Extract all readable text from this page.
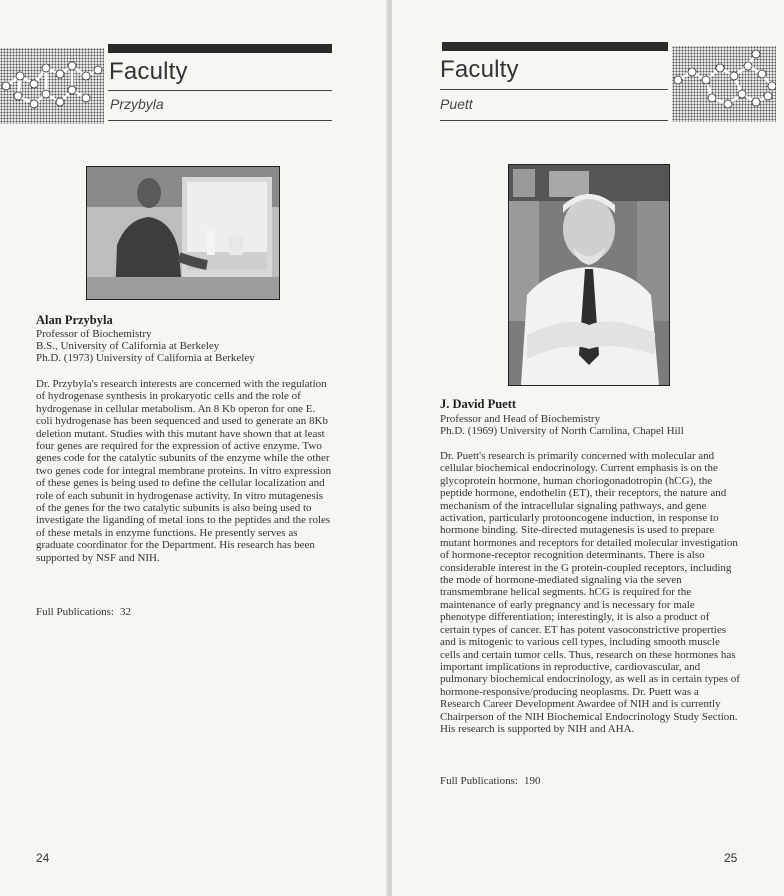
Faculty
Przybyla
Alan Przybyla
Professor of Biochemistry
B.S., University of California at Berkeley
Ph.D. (1973) University of California at Berkeley

Dr. Przybyla's research interests are concerned with the regulation of hydrogenase synthesis in prokaryotic cells and the role of hydrogenase in cellular metabolism. An 8 Kb operon for one E. coli hydrogenase has been sequenced and used to generate an 8Kb deletion mutant. Studies with this mutant have shown that at least four genes are required for the expression of active enzyme. Two genes code for the catalytic subunits of the enzyme while the other two genes code for integral membrane proteins. In vitro expression of these genes is being used to define the cellular localization and role of each subunit in hydrogenase activity. In vitro mutagenesis of the genes for the two catalytic subunits is also being used to investigate the liganding of metal ions to the peptides and the roles of these metals in enzyme functions. He presently serves as graduate coordinator for the Department. His research has been supported by NSF and NIH.

Full Publications: 32
24
Faculty
Puett
J. David Puett
Professor and Head of Biochemistry
Ph.D. (1969) University of North Carolina, Chapel Hill

Dr. Puett's research is primarily concerned with molecular and cellular biochemical endocrinology. Current emphasis is on the glycoprotein hormone, human choriogonadotropin (hCG), the peptide hormone, endothelin (ET), their receptors, the nature and mechanism of the intracellular signaling pathways, and gene activation, particularly protooncogene induction, in response to hormone binding. Site-directed mutagenesis is used to prepare mutant hormones and receptors for detailed molecular investigation of hormone-receptor recognition determinants. There is also considerable interest in the G protein-coupled receptors, including the mode of hormone-mediated signaling via the seven transmembrane helical segments. hCG is required for the maintenance of early pregnancy and is necessary for male phenotype differentiation; interestingly, it is also a product of certain types of cancer. ET has potent vasoconstrictive properties and is mitogenic to various cell types, including smooth muscle cells and certain tumor cells. Thus, research on these hormones has important implications in reproductive, cardiovascular, and pulmonary biochemical endocrinology, as well as in certain types of hormone-responsive/producing neoplasms. Dr. Puett was a Research Career Development Awardee of NIH and is currently Chairperson of the NIH Biochemical Endocrinology Study Section. His research is supported by NIH and AHA.

Full Publications: 190
25
